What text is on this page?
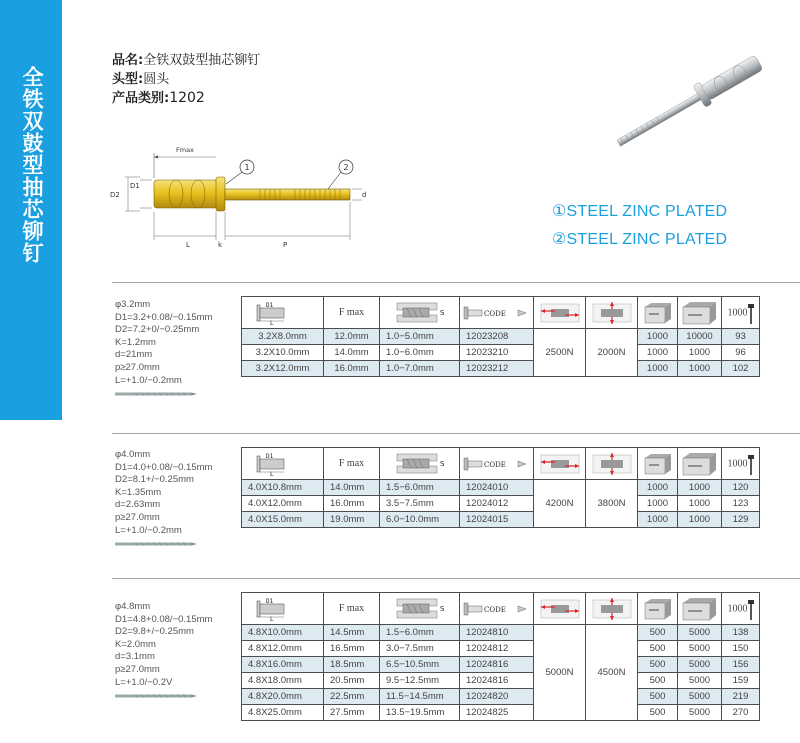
全铁双鼓型抽芯铆钉
品名:全铁双鼓型抽芯铆钉
头型:圆头
产品类别:1202
Fmax
1	2
D2
D1
d
L	k	P
①STEEL ZINC PLATED
②STEEL ZINC PLATED
φ3.2mm
D1=3.2+0.08/−0.15mm
D2=7.2+0/−0.25mm
K=1.2mm
d=21mm
p≥27.0mm
L=+1.0/−0.2mm
D1
L	F max	S	CODE					1000
3.2X8.0mm	12.0mm	1.0−5.0mm	12023208	2500N	2000N	1000	10000	93
3.2X10.0mm	14.0mm	1.0−6.0mm	12023210			1000	1000	96
3.2X12.0mm	16.0mm	1.0−7.0mm	12023212			1000	1000	102
φ4.0mm
D1=4.0+0.08/−0.15mm
D2=8.1+/−0.25mm
K=1.35mm
d=2.63mm
p≥27.0mm
L=+1.0/−0.2mm
D1
L	F max	S	CODE					1000
4.0X10.8mm	14.0mm	1.5−6.0mm	12024010	4200N	3800N	1000	1000	120
4.0X12.0mm	16.0mm	3.5−7.5mm	12024012			1000	1000	123
4.0X15.0mm	19.0mm	6.0−10.0mm	12024015			1000	1000	129
φ4.8mm
D1=4.8+0.08/−0.15mm
D2=9.8+/−0.25mm
K=2.0mm
d=3.1mm
p≥27.0mm
L=+1.0/−0.2V
D1
L	F max	S	CODE					1000
4.8X10.0mm	14.5mm	1.5−6.0mm	12024810	5000N	4500N	500	5000	138
4.8X12.0mm	16.5mm	3.0−7.5mm	12024812			500	5000	150
4.8X16.0mm	18.5mm	6.5−10.5mm	12024816			500	5000	156
4.8X18.0mm	20.5mm	9.5−12.5mm	12024816			500	5000	159
4.8X20.0mm	22.5mm	11.5−14.5mm	12024820			500	5000	219
4.8X25.0mm	27.5mm	13.5−19.5mm	12024825			500	5000	270
